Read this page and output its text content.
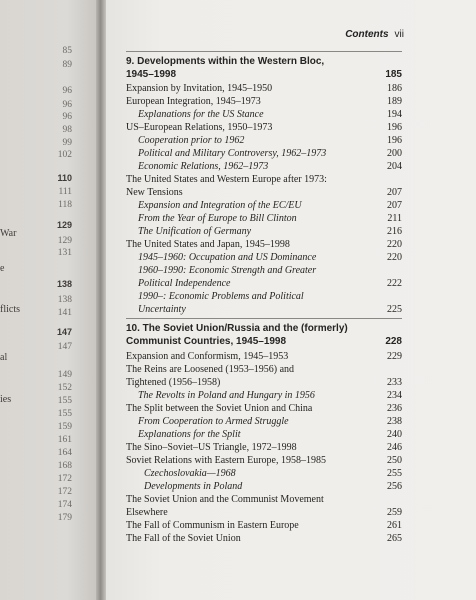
85
89
96
96
96
98
99
102
110
111
118
129
129
131
138
138
141
147
147
149
152
155
155
159
161
164
168
172
172
174
179
War
e
flicts
al
ies
Contents vii
9. Developments within the Western Bloc,
1945–1998	185
Expansion by Invitation, 1945–1950	186
European Integration, 1945–1973	189
Explanations for the US Stance	194
US–European Relations, 1950–1973	196
Cooperation prior to 1962	196
Political and Military Controversy, 1962–1973	200
Economic Relations, 1962–1973	204
The United States and Western Europe after 1973:
New Tensions	207
Expansion and Integration of the EC/EU	207
From the Year of Europe to Bill Clinton	211
The Unification of Germany	216
The United States and Japan, 1945–1998	220
1945–1960: Occupation and US Dominance	220
1960–1990: Economic Strength and Greater
Political Independence	222
1990–: Economic Problems and Political
Uncertainty	225
10. The Soviet Union/Russia and the (formerly)
Communist Countries, 1945–1998	228
Expansion and Conformism, 1945–1953	229
The Reins are Loosened (1953–1956) and
Tightened (1956–1958)	233
The Revolts in Poland and Hungary in 1956	234
The Split between the Soviet Union and China	236
From Cooperation to Armed Struggle	238
Explanations for the Split	240
The Sino–Soviet–US Triangle, 1972–1998	246
Soviet Relations with Eastern Europe, 1958–1985	250
Czechoslovakia—1968	255
Developments in Poland	256
The Soviet Union and the Communist Movement
Elsewhere	259
The Fall of Communism in Eastern Europe	261
The Fall of the Soviet Union	265
